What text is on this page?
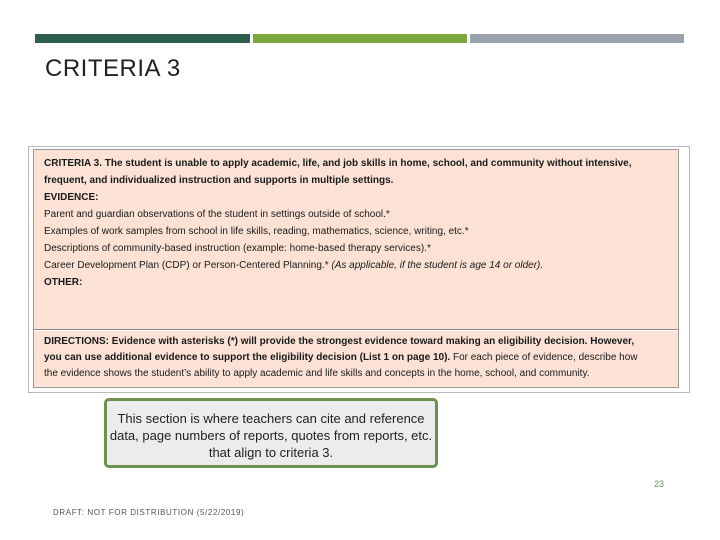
CRITERIA 3
CRITERIA 3. The student is unable to apply academic, life, and job skills in home, school, and community without intensive,
frequent, and individualized instruction and supports in multiple settings.
EVIDENCE:
Parent and guardian observations of the student in settings outside of school.*
Examples of work samples from school in life skills, reading, mathematics, science, writing, etc.*
Descriptions of community-based instruction (example: home-based therapy services).*
Career Development Plan (CDP) or Person-Centered Planning.* (As applicable, if the student is age 14 or older).
OTHER:
DIRECTIONS: Evidence with asterisks (*) will provide the strongest evidence toward making an eligibility decision. However,
you can use additional evidence to support the eligibility decision (List 1 on page 10). For each piece of evidence, describe how
the evidence shows the student’s ability to apply academic and life skills and concepts in the home, school, and community.
This section is where teachers can cite and reference data, page numbers of reports, quotes from reports, etc. that align to criteria 3.
23
DRAFT: NOT FOR DISTRIBUTION (5/22/2019)
